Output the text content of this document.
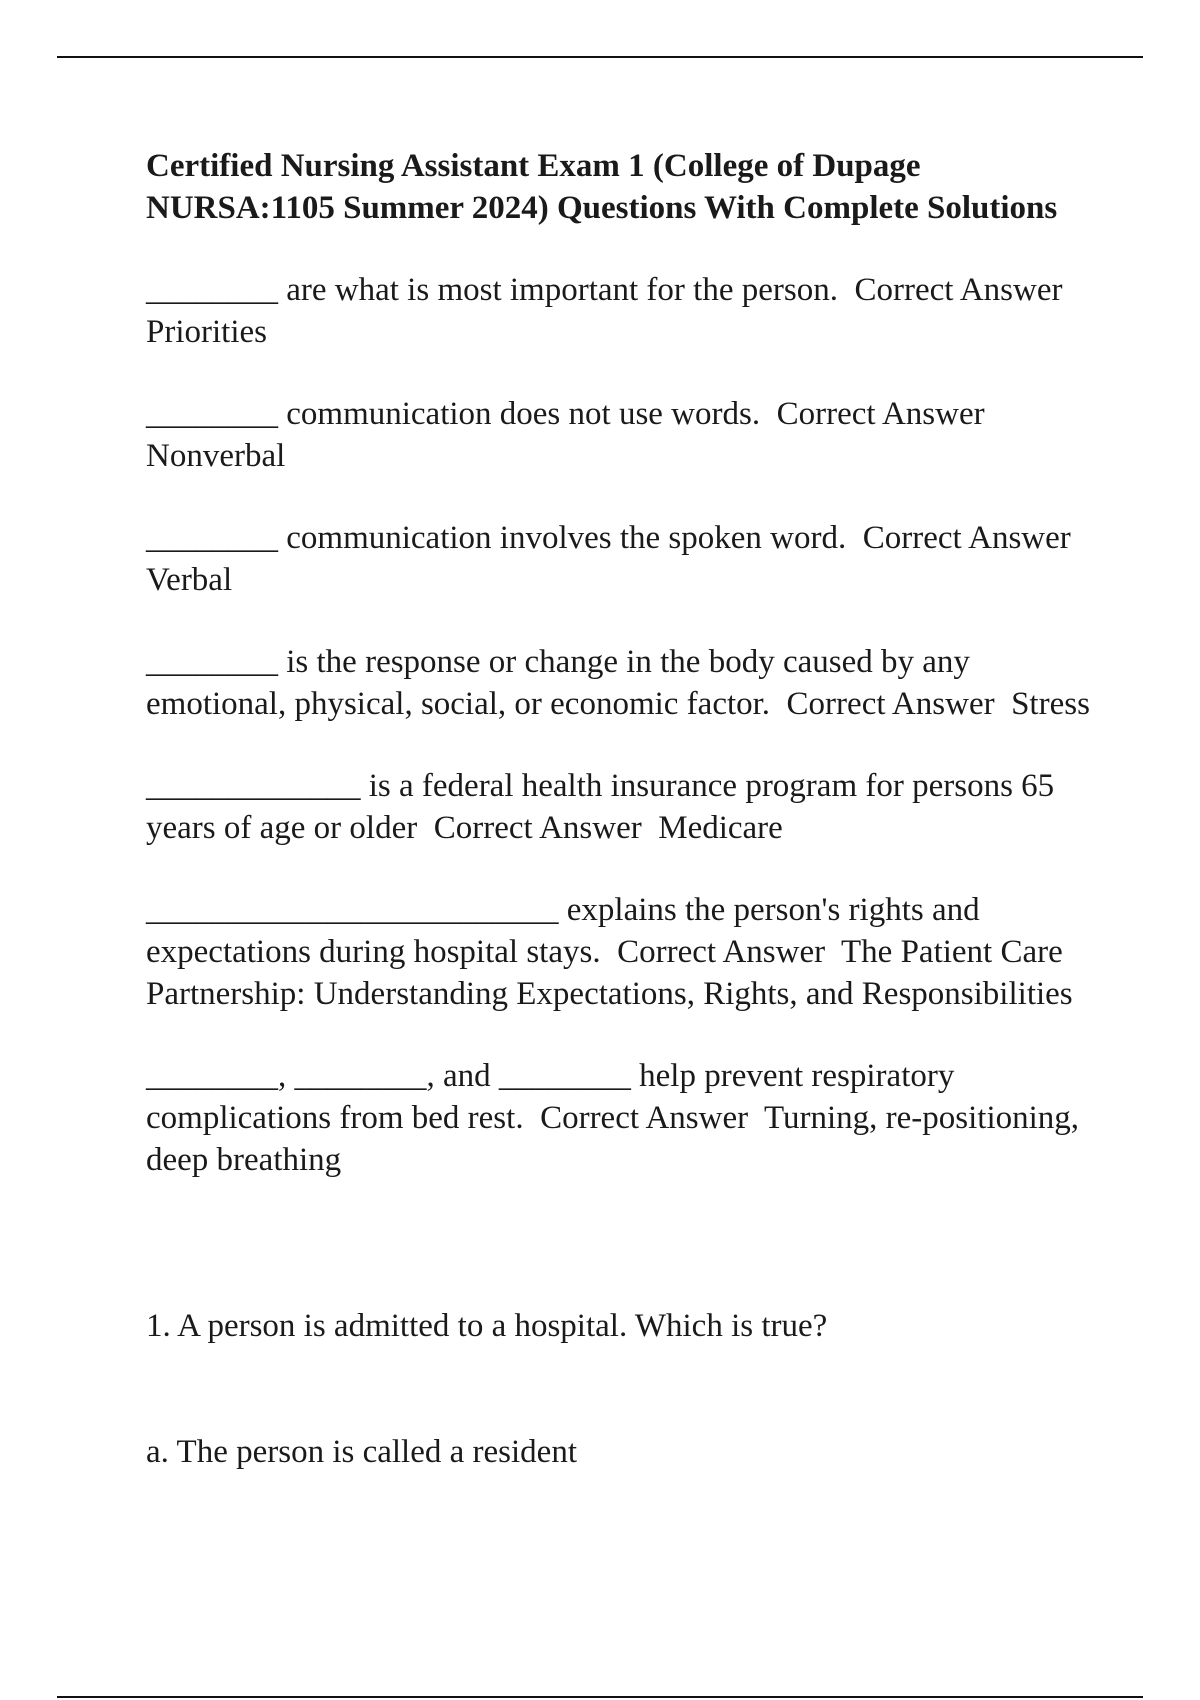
Certified Nursing Assistant Exam 1 (College of Dupage NURSA:1105 Summer 2024) Questions With Complete Solutions
________ are what is most important for the person.  Correct Answer  Priorities
________ communication does not use words.  Correct Answer  Nonverbal
________ communication involves the spoken word.  Correct Answer  Verbal
________ is the response or change in the body caused by any emotional, physical, social, or economic factor.  Correct Answer  Stress
_____________ is a federal health insurance program for persons 65 years of age or older  Correct Answer  Medicare
_________________________ explains the person's rights and expectations during hospital stays.  Correct Answer  The Patient Care Partnership: Understanding Expectations, Rights, and Responsibilities
________, ________, and ________ help prevent respiratory complications from bed rest.  Correct Answer  Turning, re-positioning, deep breathing

1. A person is admitted to a hospital. Which is true?

a. The person is called a resident
